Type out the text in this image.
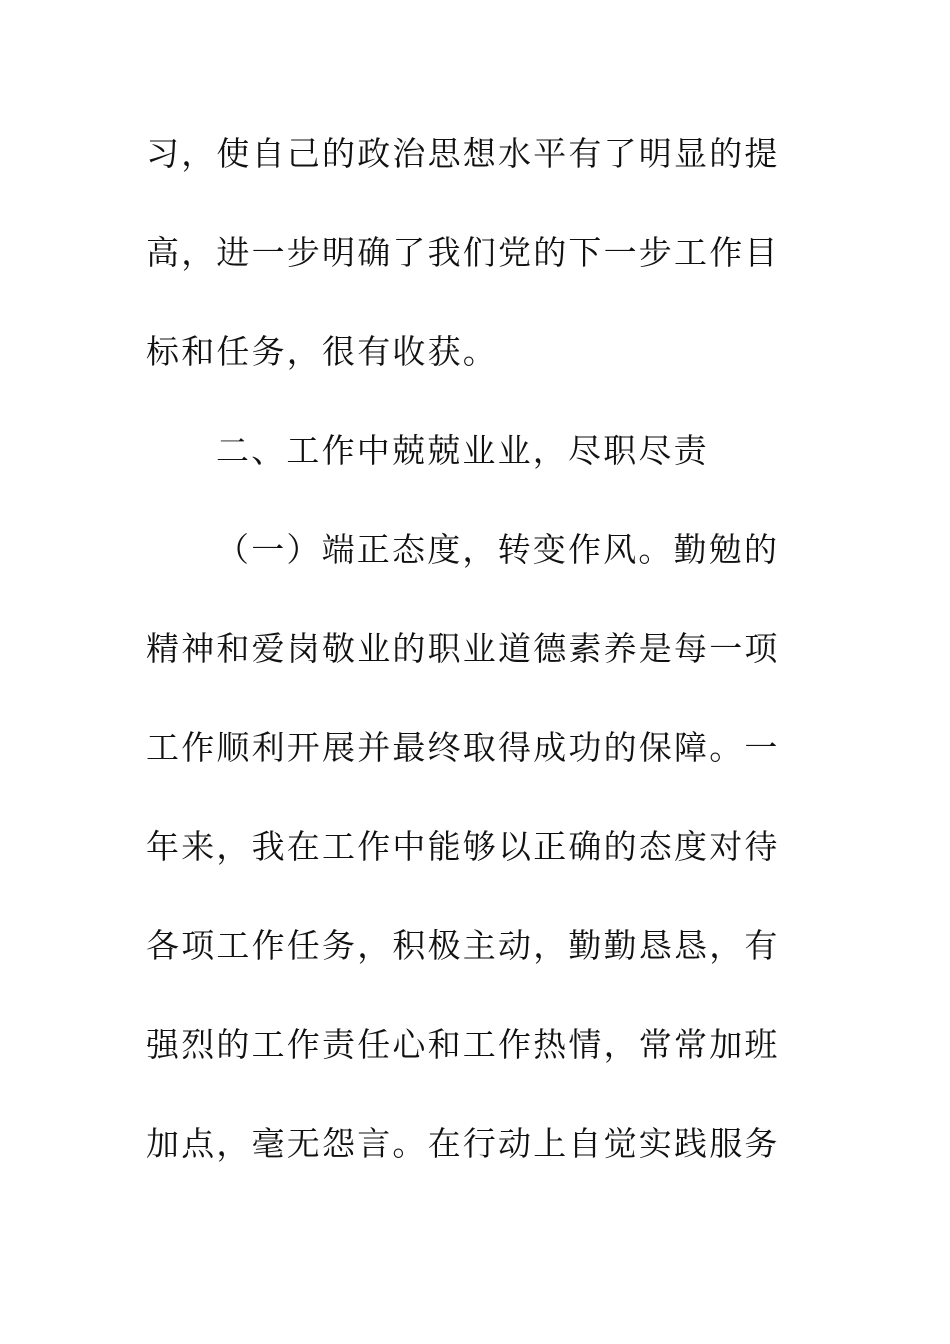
习，使自己的政治思想水平有了明显的提
高，进一步明确了我们党的下一步工作目
标和任务，很有收获。
二、工作中兢兢业业，尽职尽责
（一）端正态度，转变作风。勤勉的
精神和爱岗敬业的职业道德素养是每一项
工作顺利开展并最终取得成功的保障。一
年来，我在工作中能够以正确的态度对待
各项工作任务，积极主动，勤勤恳恳，有
强烈的工作责任心和工作热情，常常加班
加点，毫无怨言。在行动上自觉实践服务
